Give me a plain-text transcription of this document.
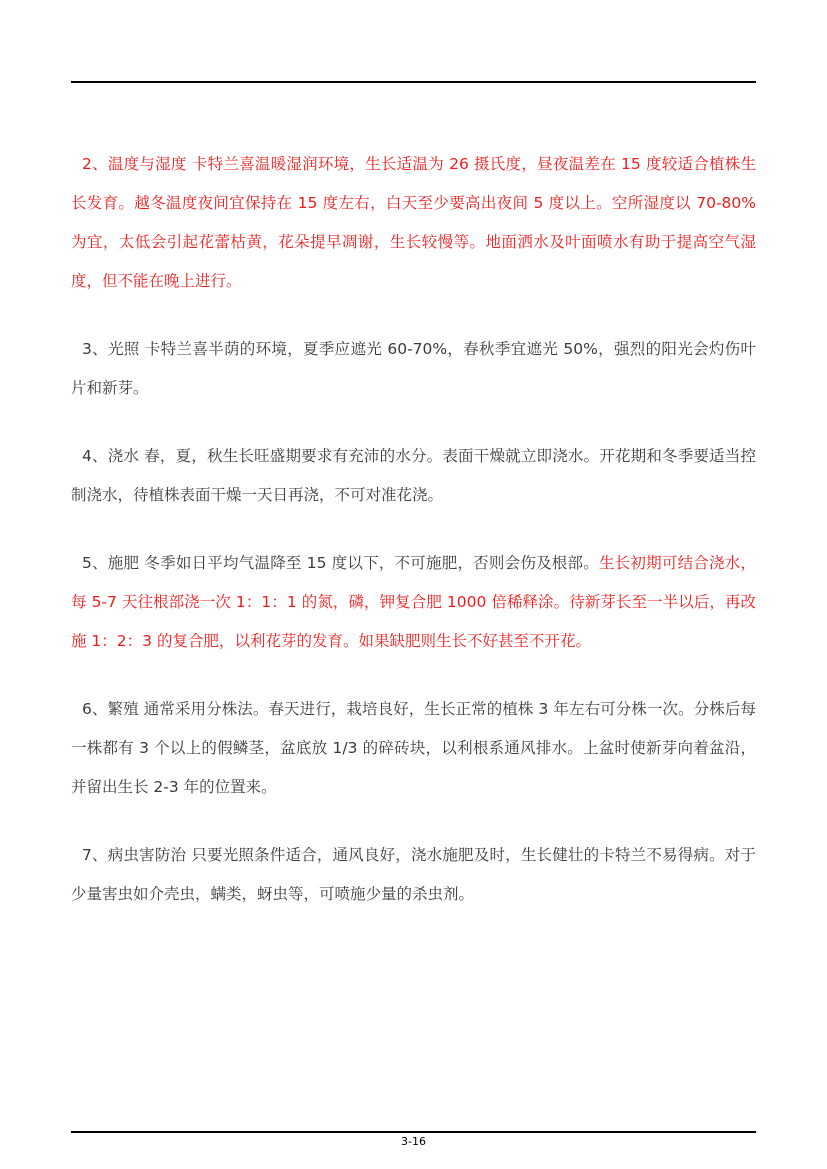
2、温度与湿度 卡特兰喜温暖湿润环境，生长适温为 26 摄氏度，昼夜温差在 15 度较适合植株生长发育。越冬温度夜间宜保持在 15 度左右，白天至少要高出夜间 5 度以上。空所湿度以 70-80%为宜，太低会引起花蕾枯黄，花朵提早凋谢，生长较慢等。地面洒水及叶面喷水有助于提高空气湿度，但不能在晚上进行。

3、光照 卡特兰喜半荫的环境，夏季应遮光 60-70%，春秋季宜遮光 50%，强烈的阳光会灼伤叶片和新芽。

4、浇水 春，夏，秋生长旺盛期要求有充沛的水分。表面干燥就立即浇水。开花期和冬季要适当控制浇水，待植株表面干燥一天日再浇，不可对准花浇。

5、施肥 冬季如日平均气温降至 15 度以下，不可施肥，否则会伤及根部。生长初期可结合浇水，每 5-7 天往根部浇一次 1：1：1 的氮，磷，钾复合肥 1000 倍稀释涂。待新芽长至一半以后，再改施 1：2：3 的复合肥，以利花芽的发育。如果缺肥则生长不好甚至不开花。

6、繁殖 通常采用分株法。春天进行，栽培良好，生长正常的植株 3 年左右可分株一次。分株后每一株都有 3 个以上的假鳞茎，盆底放 1/3 的碎砖块，以利根系通风排水。上盆时使新芽向着盆沿，并留出生长 2-3 年的位置来。

7、病虫害防治 只要光照条件适合，通风良好，浇水施肥及时，生长健壮的卡特兰不易得病。对于少量害虫如介壳虫，螨类，蚜虫等，可喷施少量的杀虫剂。

3-16
